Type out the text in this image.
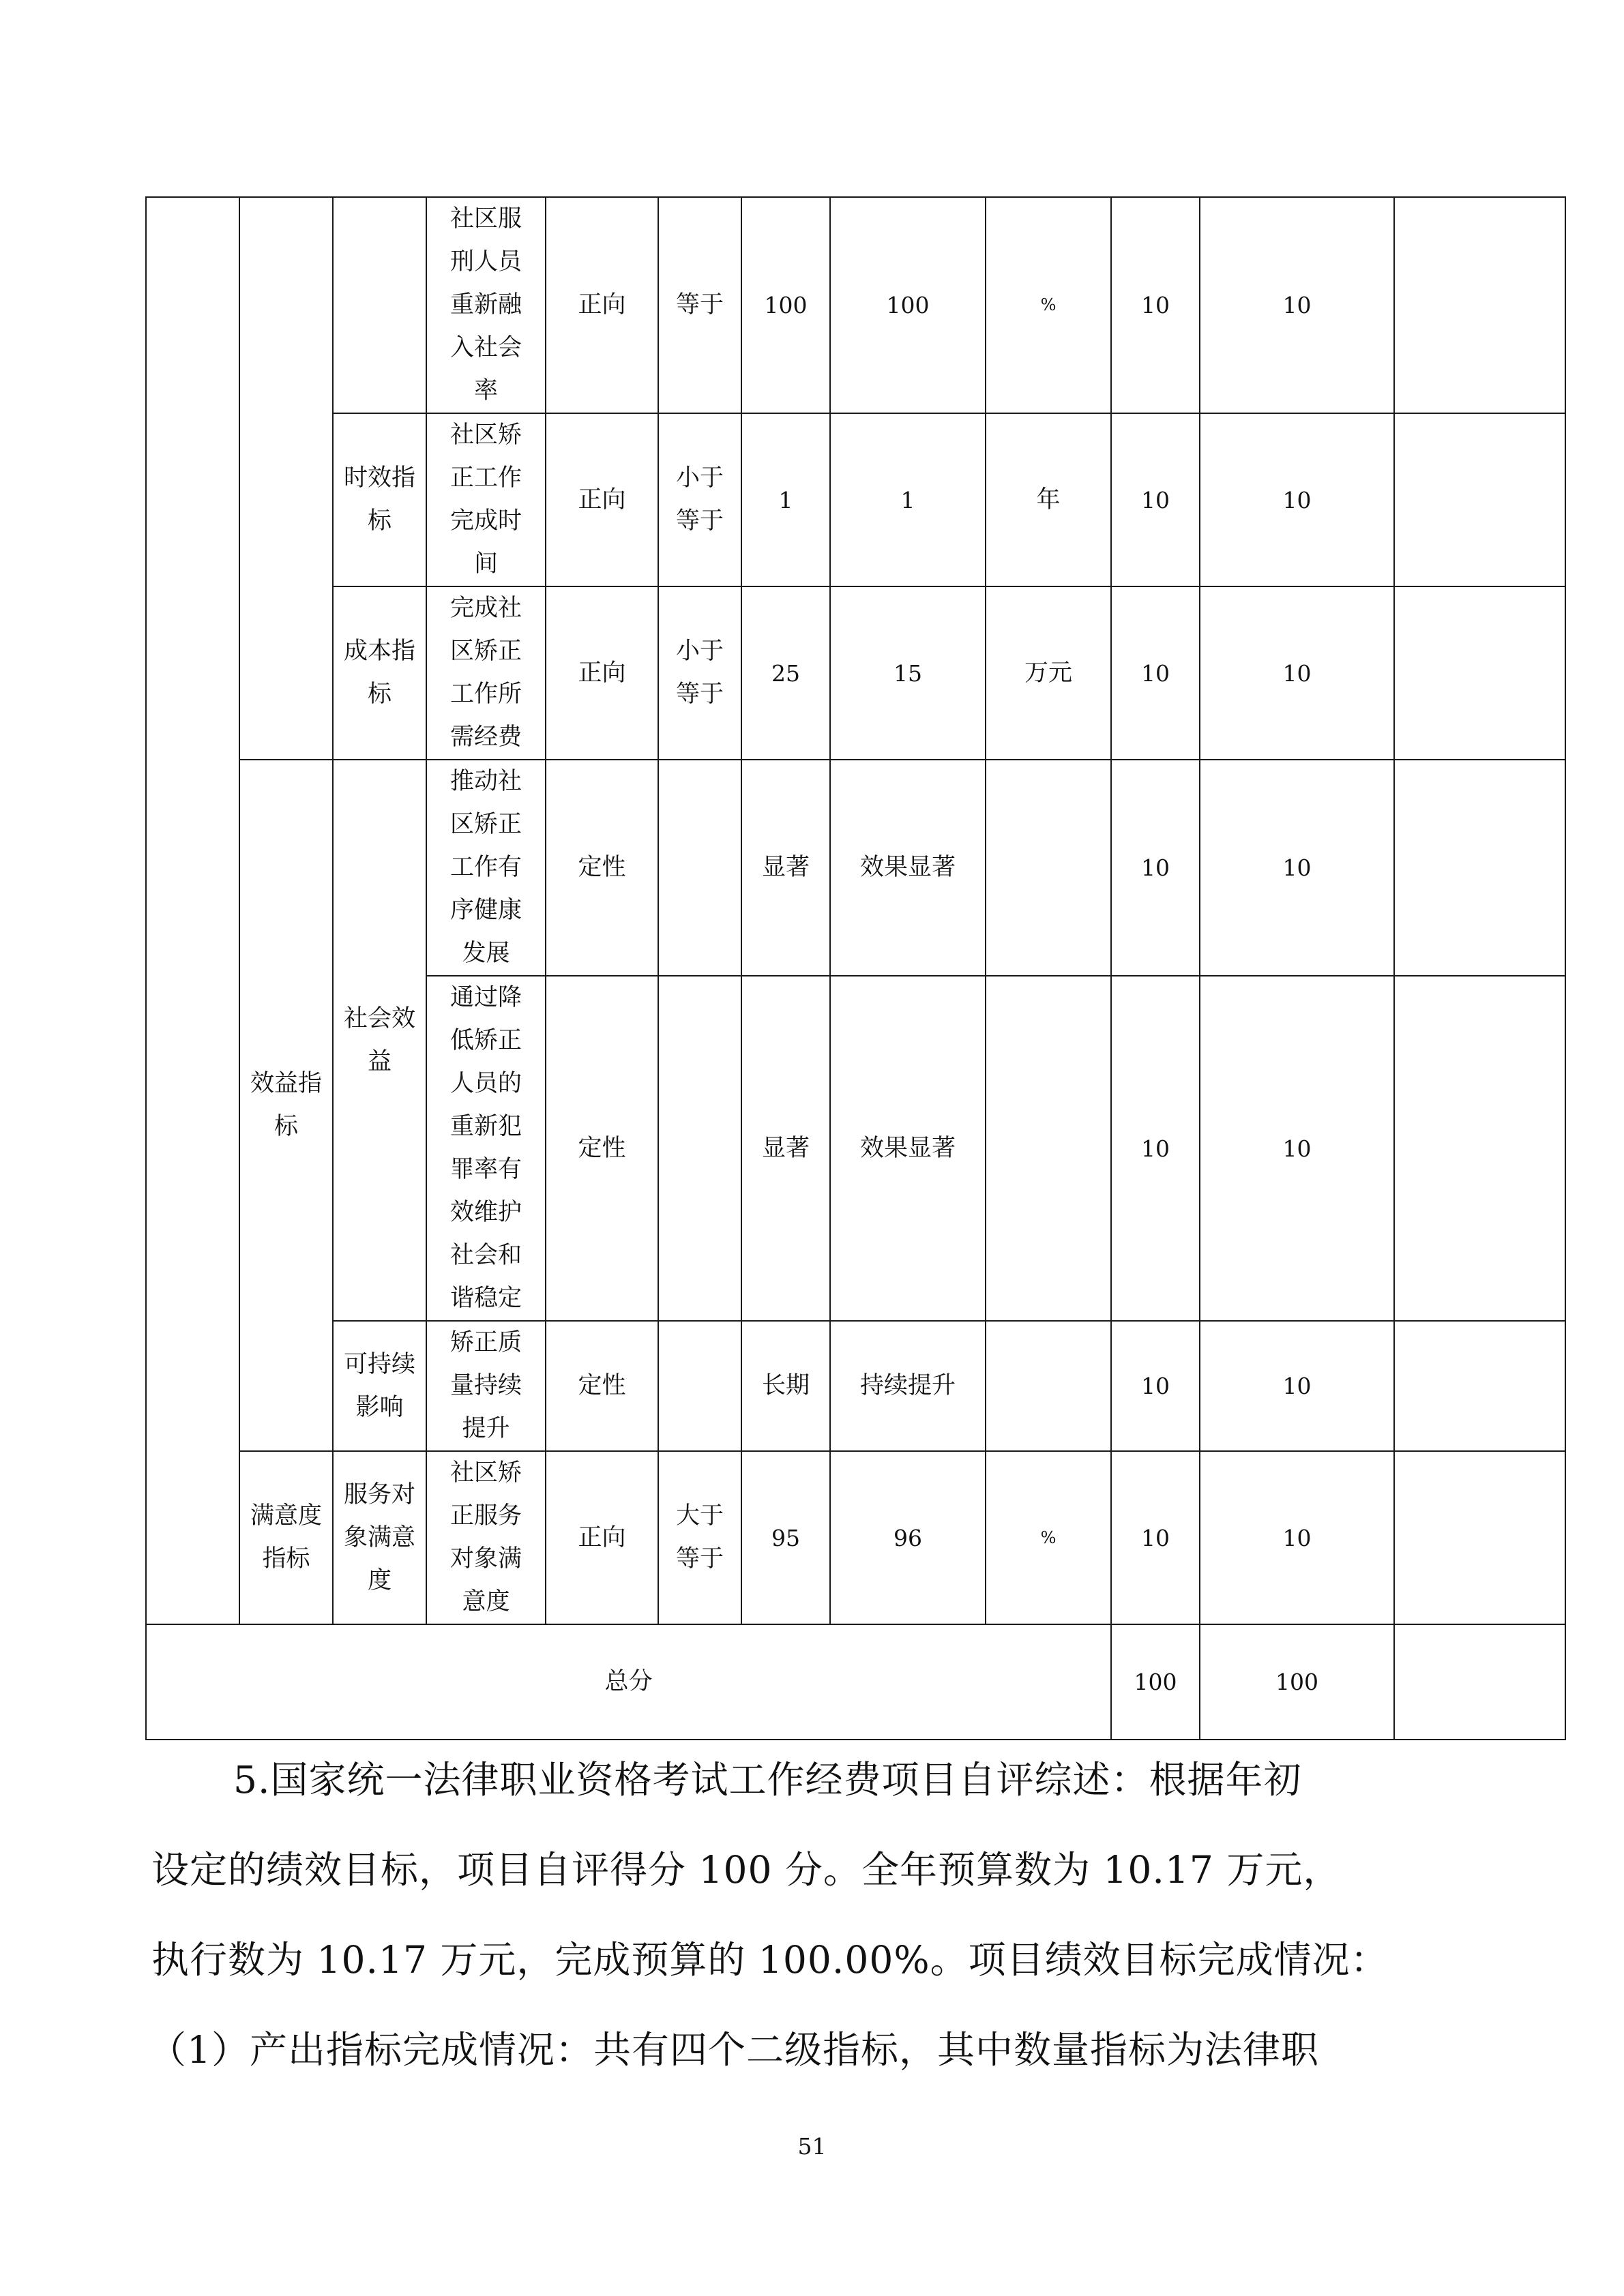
			社区服刑人员重新融入社会率	正向	等于	100	100	%	10	10	
		时效指标	社区矫正工作完成时间	正向	小于等于	1	1	年	10	10	
		成本指标	完成社区矫正工作所需经费	正向	小于等于	25	15	万元	10	10	
	效益指标	社会效益	推动社区矫正工作有序健康发展	定性		显著	效果显著		10	10	
			通过降低矫正人员的重新犯罪率有效维护社会和谐稳定	定性		显著	效果显著		10	10	
		可持续影响	矫正质量持续提升	定性		长期	持续提升		10	10	
	满意度指标	服务对象满意度	社区矫正服务对象满意度	正向	大于等于	95	96	%	10	10	
总分									100	100	
5.国家统一法律职业资格考试工作经费项目自评综述：根据年初
设定的绩效目标，项目自评得分 100 分。全年预算数为 10.17 万元，
执行数为 10.17 万元，完成预算的 100.00%。项目绩效目标完成情况：
（1）产出指标完成情况：共有四个二级指标，其中数量指标为法律职
51
